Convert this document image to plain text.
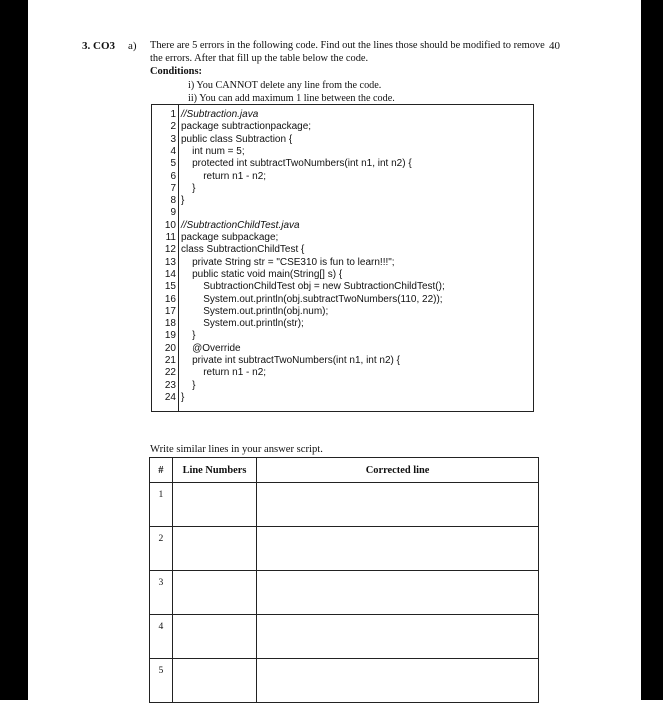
3. CO3 a)	40
There are 5 errors in the following code. Find out the lines those should be modified to remove the errors. After that fill up the table below the code.
Conditions:
i) You CANNOT delete any line from the code.
ii) You can add maximum 1 line between the code.
1 //Subtraction.java
2 package subtractionpackage;
3 public class Subtraction {
4 int num = 5;
5 protected int subtractTwoNumbers(int n1, int n2) {
6 return n1 - n2;
7 }
8 }
9
10 //SubtractionChildTest.java
11 package subpackage;
12 class SubtractionChildTest {
13 private String str = "CSE310 is fun to learn!!!";
14 public static void main(String[] s) {
15 SubtractionChildTest obj = new SubtractionChildTest();
16 System.out.println(obj.subtractTwoNumbers(110, 22));
17 System.out.println(obj.num);
18 System.out.println(str);
19 }
20 @Override
21 private int subtractTwoNumbers(int n1, int n2) {
22 return n1 - n2;
23 }
24 }
Write similar lines in your answer script.
#	Line Numbers	Corrected line
1		
2		
3		
4		
5		
